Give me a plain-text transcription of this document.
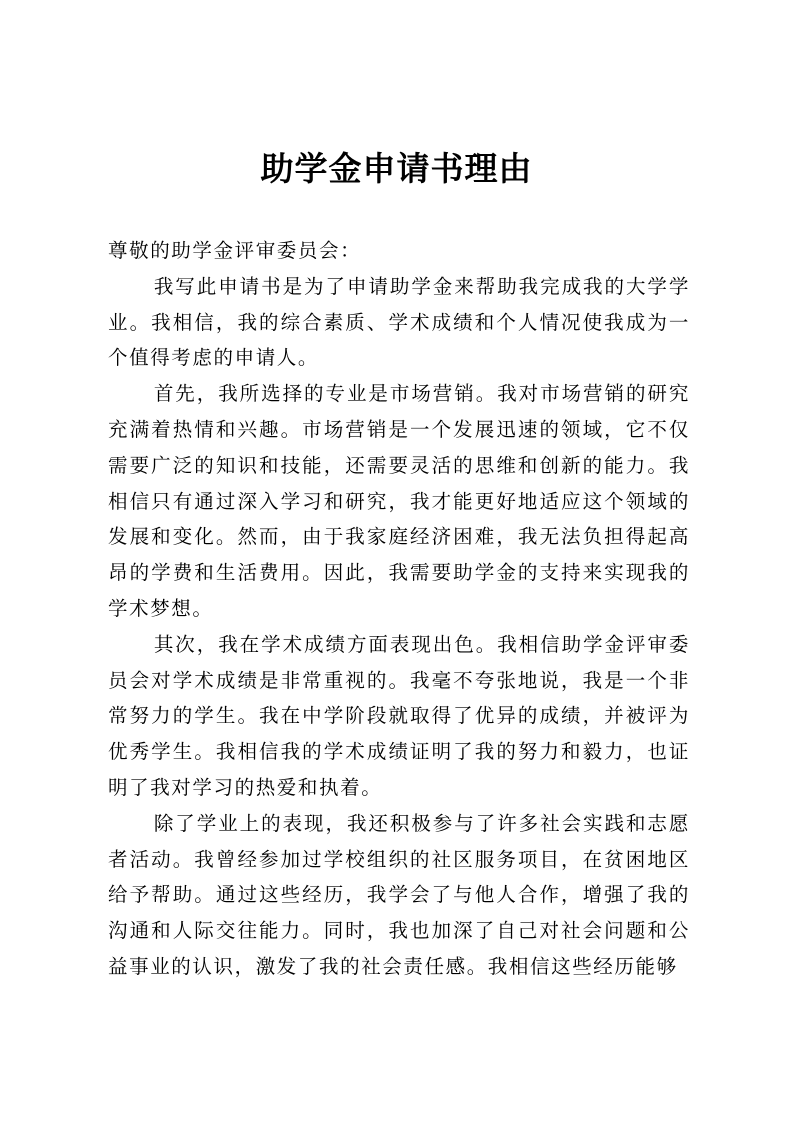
助学金申请书理由

尊敬的助学金评审委员会：

我写此申请书是为了申请助学金来帮助我完成我的大学学业。我相信，我的综合素质、学术成绩和个人情况使我成为一个值得考虑的申请人。

首先，我所选择的专业是市场营销。我对市场营销的研究充满着热情和兴趣。市场营销是一个发展迅速的领域，它不仅需要广泛的知识和技能，还需要灵活的思维和创新的能力。我相信只有通过深入学习和研究，我才能更好地适应这个领域的发展和变化。然而，由于我家庭经济困难，我无法负担得起高昂的学费和生活费用。因此，我需要助学金的支持来实现我的学术梦想。

其次，我在学术成绩方面表现出色。我相信助学金评审委员会对学术成绩是非常重视的。我毫不夸张地说，我是一个非常努力的学生。我在中学阶段就取得了优异的成绩，并被评为优秀学生。我相信我的学术成绩证明了我的努力和毅力，也证明了我对学习的热爱和执着。

除了学业上的表现，我还积极参与了许多社会实践和志愿者活动。我曾经参加过学校组织的社区服务项目，在贫困地区给予帮助。通过这些经历，我学会了与他人合作，增强了我的沟通和人际交往能力。同时，我也加深了自己对社会问题和公益事业的认识，激发了我的社会责任感。我相信这些经历能够
